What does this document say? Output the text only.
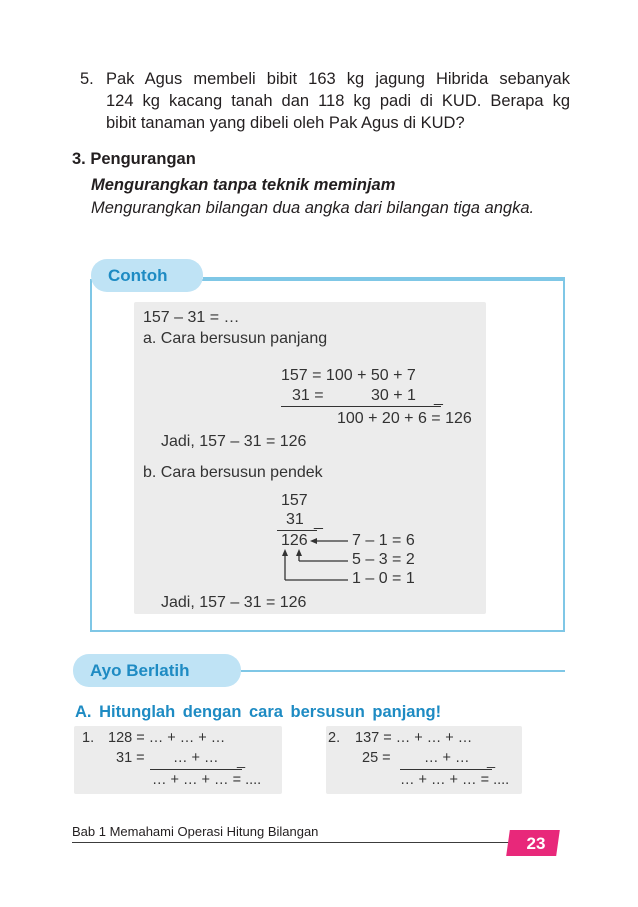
5. Pak Agus membeli bibit 163 kg jagung Hibrida sebanyak
124 kg kacang tanah dan 118 kg padi di KUD. Berapa kg
bibit tanaman yang dibeli oleh Pak Agus di KUD?
3. Pengurangan
Mengurangkan tanpa teknik meminjam
Mengurangkan bilangan dua angka dari bilangan tiga angka.
Contoh
157 – 31 = …
a. Cara bersusun panjang
157 = 100 + 50 + 7
31 =	30 + 1 _
100 + 20 + 6 = 126
Jadi, 157 – 31 = 126
b. Cara bersusun pendek
157
31 _
126	7 – 1 = 6
5 – 3 = 2
1 – 0 = 1
Jadi, 157 – 31 = 126
Ayo Berlatih
A. Hitunglah dengan cara bersusun panjang!
1. 128 = … + … + …
31 = … + … _
… + … + … = ....
2. 137 = … + … + …
25 = … + … _
… + … + … = ....
Bab 1 Memahami Operasi Hitung Bilangan
23
